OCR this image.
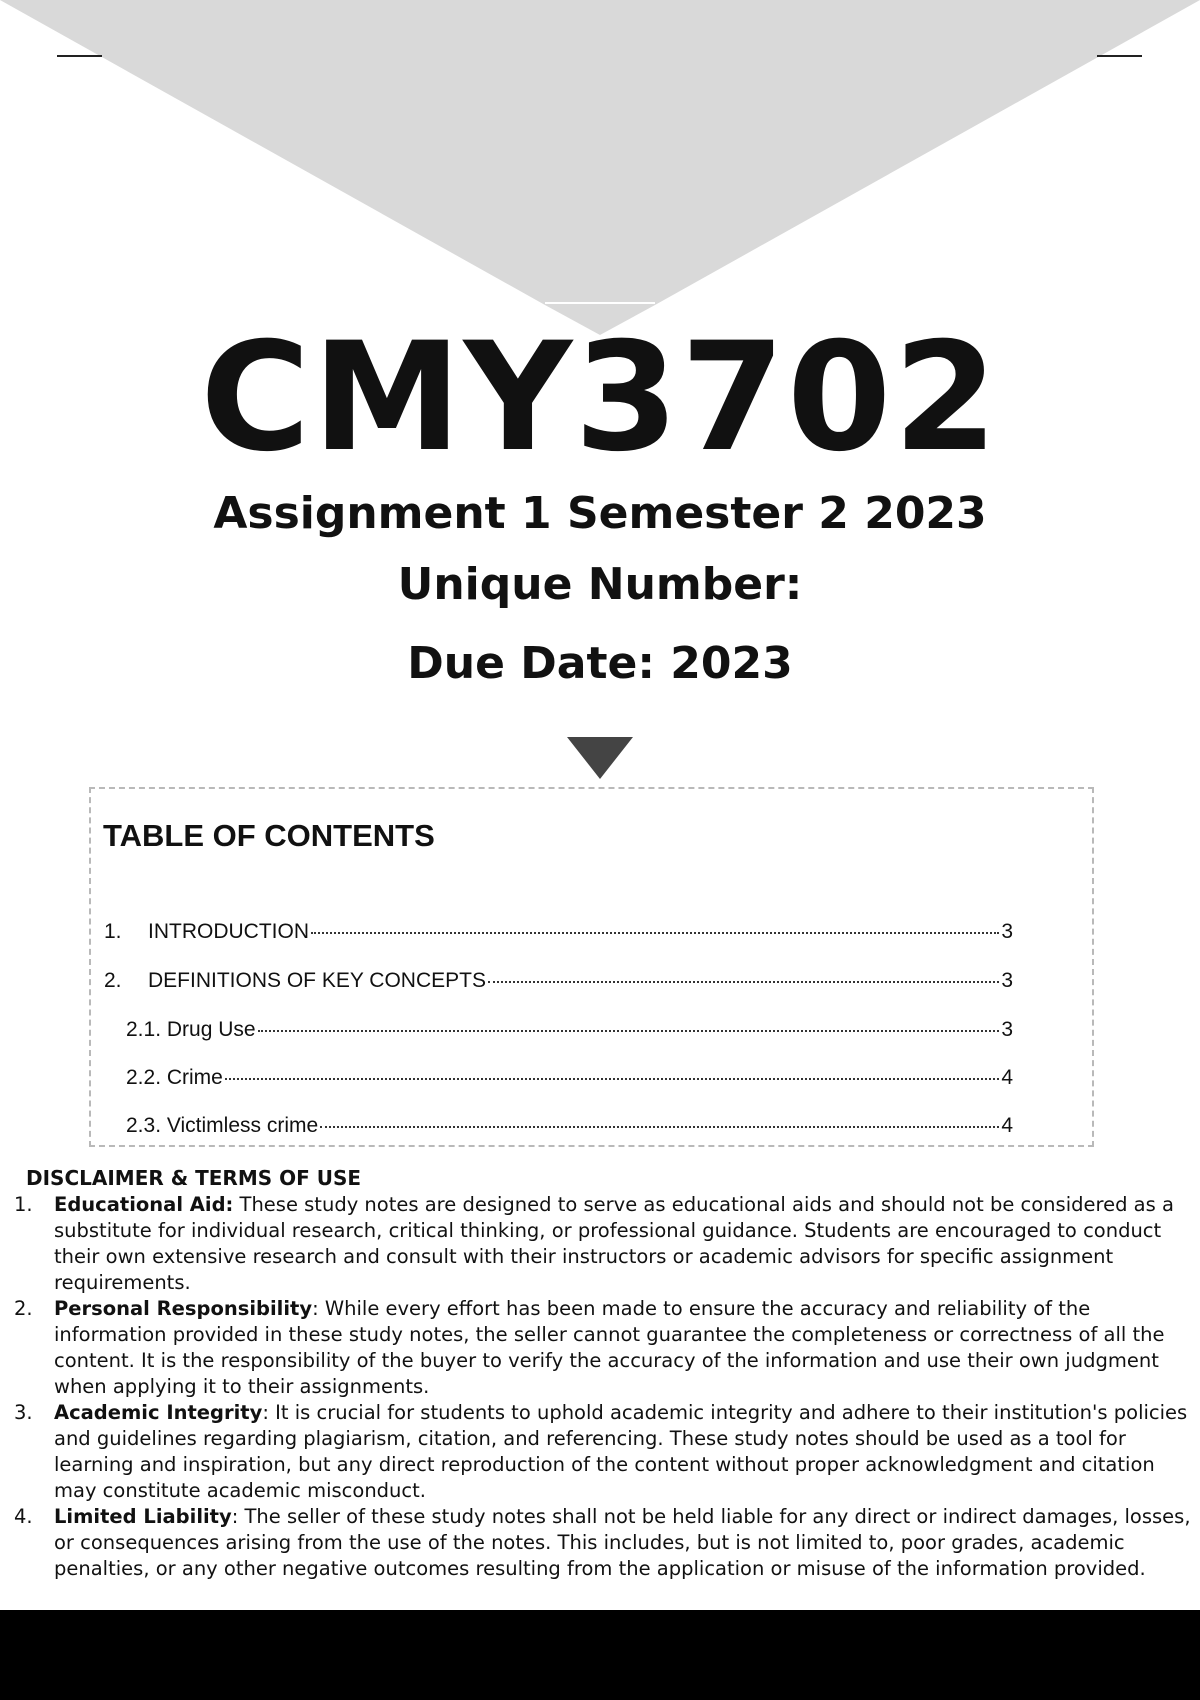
CMY3702
Assignment 1 Semester 2 2023
Unique Number:
Due Date: 2023
TABLE OF CONTENTS
1.	INTRODUCTION	3
2.	DEFINITIONS OF KEY CONCEPTS	3
2.1. Drug Use	3
2.2. Crime	4
2.3. Victimless crime	4
DISCLAIMER & TERMS OF USE
1.	Educational Aid: These study notes are designed to serve as educational aids and should not be considered as a substitute for individual research, critical thinking, or professional guidance. Students are encouraged to conduct their own extensive research and consult with their instructors or academic advisors for specific assignment requirements.
2.	Personal Responsibility: While every effort has been made to ensure the accuracy and reliability of the information provided in these study notes, the seller cannot guarantee the completeness or correctness of all the content. It is the responsibility of the buyer to verify the accuracy of the information and use their own judgment when applying it to their assignments.
3.	Academic Integrity: It is crucial for students to uphold academic integrity and adhere to their institution's policies and guidelines regarding plagiarism, citation, and referencing. These study notes should be used as a tool for learning and inspiration, but any direct reproduction of the content without proper acknowledgment and citation may constitute academic misconduct.
4.	Limited Liability: The seller of these study notes shall not be held liable for any direct or indirect damages, losses, or consequences arising from the use of the notes. This includes, but is not limited to, poor grades, academic penalties, or any other negative outcomes resulting from the application or misuse of the information provided.
